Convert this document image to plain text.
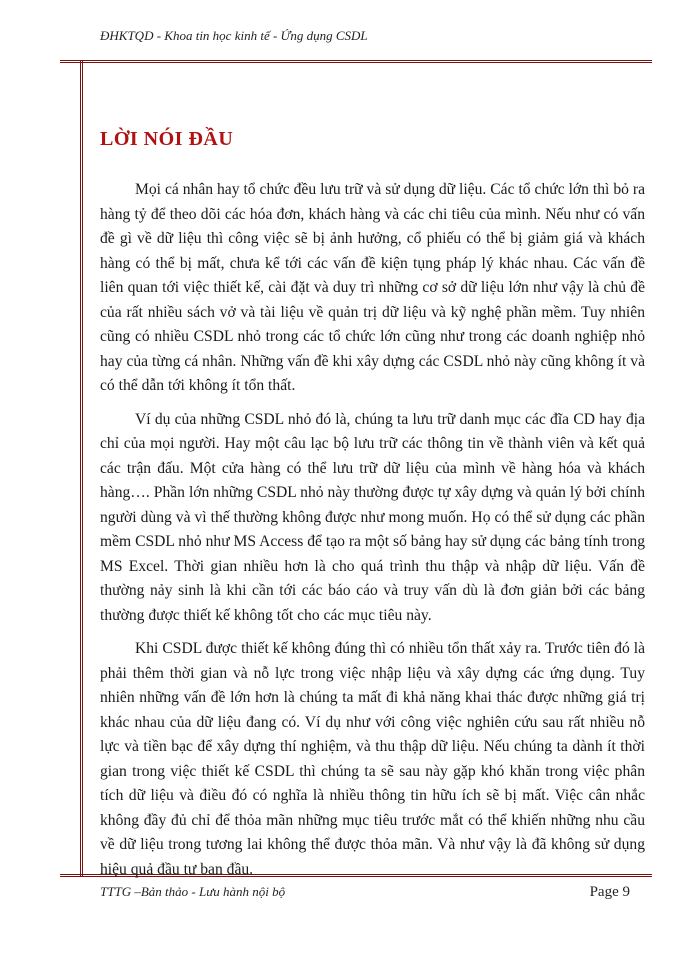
ĐHKTQD - Khoa tin học kinh tế - Ứng dụng CSDL
LỜI NÓI ĐẦU

Mọi cá nhân hay tổ chức đều lưu trữ và sử dụng dữ liệu. Các tổ chức lớn thì bỏ ra hàng tỷ để theo dõi các hóa đơn, khách hàng và các chi tiêu của mình. Nếu như có vấn đề gì về dữ liệu thì công việc sẽ bị ảnh hưởng, cổ phiếu có thể bị giảm giá và khách hàng có thể bị mất, chưa kể tới các vấn đề kiện tụng pháp lý khác nhau. Các vấn đề liên quan tới việc thiết kế, cài đặt và duy trì những cơ sở dữ liệu lớn như vậy là chủ đề của rất nhiều sách vở và tài liệu về quản trị dữ liệu và kỹ nghệ phần mềm. Tuy nhiên cũng có nhiều CSDL nhỏ trong các tổ chức lớn cũng như trong các doanh nghiệp nhỏ hay của từng cá nhân. Những vấn đề khi xây dựng các CSDL nhỏ này cũng không ít và có thể dẫn tới không ít tổn thất.

Ví dụ của những CSDL nhỏ đó là, chúng ta lưu trữ danh mục các đĩa CD hay địa chỉ của mọi người. Hay một câu lạc bộ lưu trữ các thông tin về thành viên và kết quả các trận đấu. Một cửa hàng có thể lưu trữ dữ liệu của mình về hàng hóa và khách hàng…. Phần lớn những CSDL nhỏ này thường được tự xây dựng và quản lý bởi chính người dùng và vì thế thường không được như mong muốn. Họ có thể sử dụng các phần mềm CSDL nhỏ như MS Access để tạo ra một số bảng hay sử dụng các bảng tính trong MS Excel. Thời gian nhiều hơn là cho quá trình thu thập và nhập dữ liệu. Vấn đề thường nảy sinh là khi cần tới các báo cáo và truy vấn dù là đơn giản bởi các bảng thường được thiết kế không tốt cho các mục tiêu này.

Khi CSDL được thiết kế không đúng thì có nhiều tổn thất xảy ra. Trước tiên đó là phải thêm thời gian và nỗ lực trong việc nhập liệu và xây dựng các ứng dụng. Tuy nhiên những vấn đề lớn hơn là chúng ta mất đi khả năng khai thác được những giá trị khác nhau của dữ liệu đang có. Ví dụ như với công việc nghiên cứu sau rất nhiều nỗ lực và tiền bạc để xây dựng thí nghiệm, và thu thập dữ liệu. Nếu chúng ta dành ít thời gian trong việc thiết kế CSDL thì chúng ta sẽ sau này gặp khó khăn trong việc phân tích dữ liệu và điều đó có nghĩa là nhiều thông tin hữu ích sẽ bị mất. Việc cân nhắc không đầy đủ chỉ để thỏa mãn những mục tiêu trước mắt có thể khiến những nhu cầu về dữ liệu trong tương lai không thể được thỏa mãn. Và như vậy là đã không sử dụng hiệu quả đầu tư ban đầu.

TTTG –Bản thảo - Lưu hành nội bộ	Page 9
